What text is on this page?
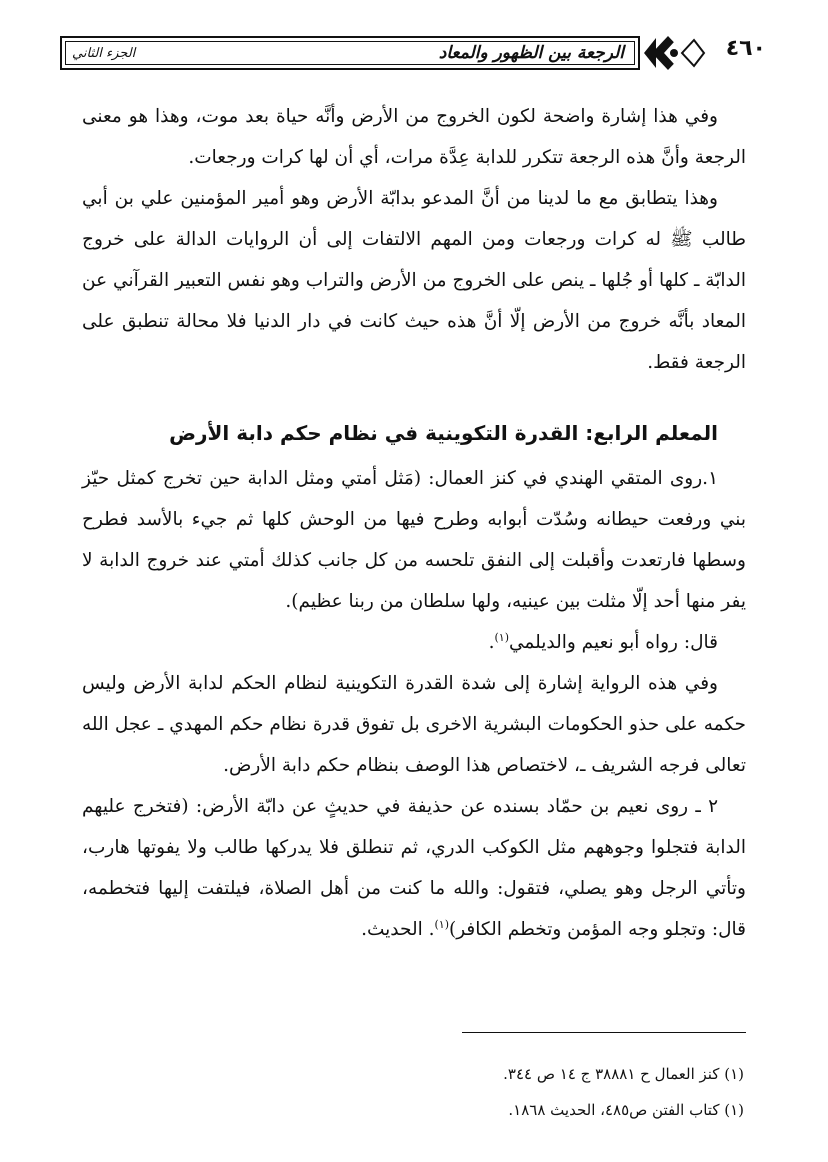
الرجعة بين الظهور والمعاد
الجزء الثاني	٤٦٠

وفي هذا إشارة واضحة لكون الخروج من الأرض وأنَّه حياة بعد موت، وهذا هو معنى الرجعة وأنَّ هذه الرجعة تتكرر للدابة عِدَّة مرات، أي أن لها كرات ورجعات.

وهذا يتطابق مع ما لدينا من أنَّ المدعو بدابّة الأرض وهو أمير المؤمنين علي بن أبي طالب ﷺ له كرات ورجعات ومن المهم الالتفات إلى أن الروايات الدالة على خروج الدابّة ـ كلها أو جُلها ـ ينص على الخروج من الأرض والتراب وهو نفس التعبير القرآني عن المعاد بأنَّه خروج من الأرض إلّا أنَّ هذه حيث كانت في دار الدنيا فلا محالة تنطبق على الرجعة فقط.

المعلم الرابع: القدرة التكوينية في نظام حكم دابة الأرض

١.روى المتقي الهندي في كنز العمال: (مَثل أمتي ومثل الدابة حين تخرج كمثل حيّز بني ورفعت حيطانه وسُدّت أبوابه وطرح فيها من الوحش كلها ثم جيء بالأسد فطرح وسطها فارتعدت وأقبلت إلى النفق تلحسه من كل جانب كذلك أمتي عند خروج الدابة لا يفر منها أحد إلّا مثلت بين عينيه، ولها سلطان من ربنا عظيم).

قال: رواه أبو نعيم والديلمي$^{(١)}$.

وفي هذه الرواية إشارة إلى شدة القدرة التكوينية لنظام الحكم لدابة الأرض وليس حكمه على حذو الحكومات البشرية الاخرى بل تفوق قدرة نظام حكم المهدي ـ عجل الله تعالى فرجه الشريف ـ، لاختصاص هذا الوصف بنظام حكم دابة الأرض.

٢ ـ روى نعيم بن حمّاد بسنده عن حذيفة في حديثٍ عن دابّة الأرض: (فتخرج عليهم الدابة فتجلوا وجوههم مثل الكوكب الدري، ثم تنطلق فلا يدركها طالب ولا يفوتها هارب، وتأتي الرجل وهو يصلي، فتقول: والله ما كنت من أهل الصلاة، فيلتفت إليها فتخطمه، قال: وتجلو وجه المؤمن وتخطم الكافر)$^{(١)}$. الحديث.

(١) كنز العمال ح ٣٨٨٨١ ج ١٤ ص ٣٤٤.

(١) كتاب الفتن ص٤٨٥، الحديث ١٨٦٨.
